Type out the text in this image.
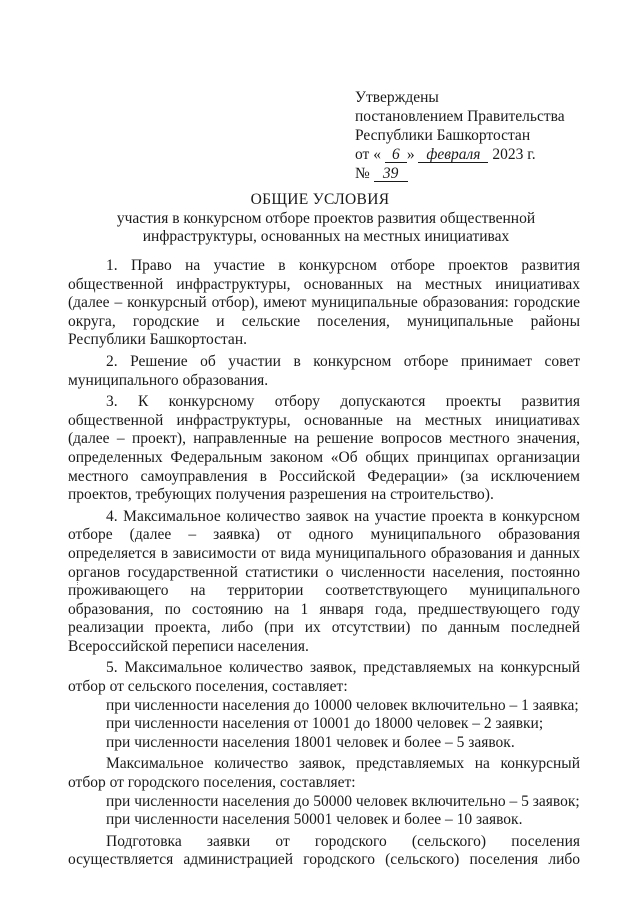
Утверждены
постановлением Правительства
Республики Башкортостан
от « 6 » февраля 2023 г.
№ 39
ОБЩИЕ УСЛОВИЯ
участия в конкурсном отборе проектов развития общественной
инфраструктуры, основанных на местных инициативах
1. Право на участие в конкурсном отборе проектов развития
общественной инфраструктуры, основанных на местных инициативах
(далее – конкурсный отбор), имеют муниципальные образования: городские
округа, городские и сельские поселения, муниципальные районы
Республики Башкортостан.
2. Решение об участии в конкурсном отборе принимает совет
муниципального образования.
3. К конкурсному отбору допускаются проекты развития
общественной инфраструктуры, основанные на местных инициативах
(далее – проект), направленные на решение вопросов местного значения,
определенных Федеральным законом «Об общих принципах организации
местного самоуправления в Российской Федерации» (за исключением
проектов, требующих получения разрешения на строительство).
4. Максимальное количество заявок на участие проекта в конкурсном
отборе (далее – заявка) от одного муниципального образования
определяется в зависимости от вида муниципального образования и данных
органов государственной статистики о численности населения, постоянно
проживающего на территории соответствующего муниципального
образования, по состоянию на 1 января года, предшествующего году
реализации проекта, либо (при их отсутствии) по данным последней
Всероссийской переписи населения.
5. Максимальное количество заявок, представляемых на конкурсный
отбор от сельского поселения, составляет:
при численности населения до 10000 человек включительно – 1 заявка;
при численности населения от 10001 до 18000 человек – 2 заявки;
при численности населения 18001 человек и более – 5 заявок.
Максимальное количество заявок, представляемых на конкурсный
отбор от городского поселения, составляет:
при численности населения до 50000 человек включительно – 5 заявок;
при численности населения 50001 человек и более – 10 заявок.
Подготовка заявки от городского (сельского) поселения
осуществляется администрацией городского (сельского) поселения либо
